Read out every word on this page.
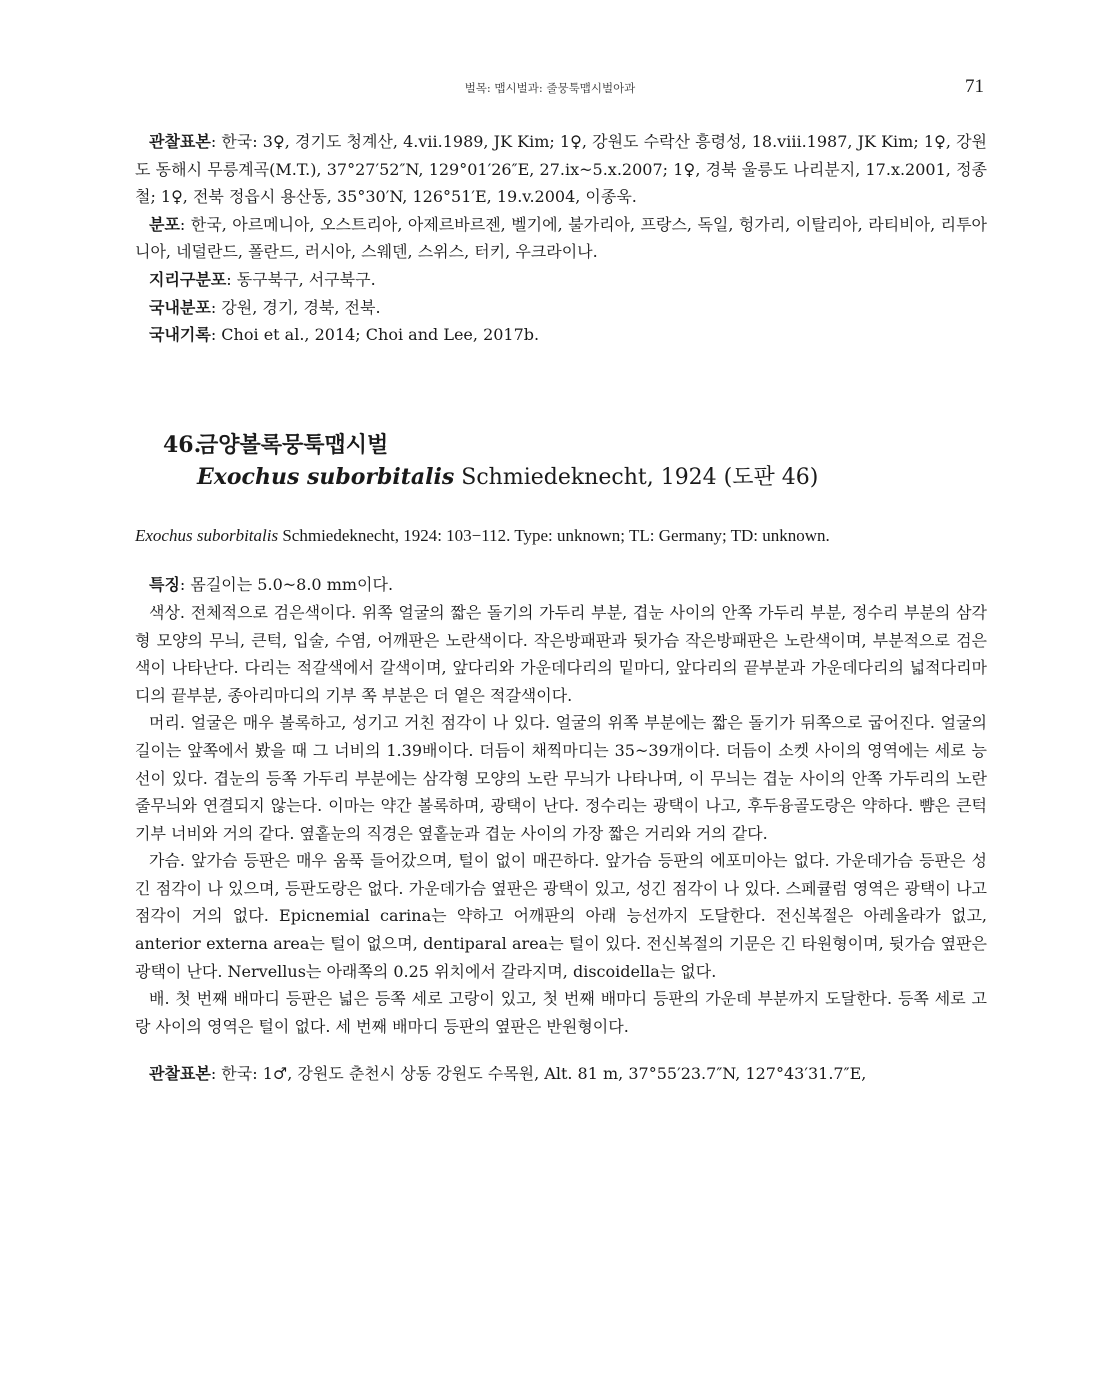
벌목: 맵시벌과: 줄뭉툭맵시벌아과	71

관찰표본: 한국: 3♀, 경기도 청계산, 4.vii.1989, JK Kim; 1♀, 강원도 수락산 흥령성, 18.viii.1987, JK Kim; 1♀, 강원도 동해시 무릉계곡(M.T.), 37°27′52″N, 129°01′26″E, 27.ix~5.x.2007; 1♀, 경북 울릉도 나리분지, 17.x.2001, 정종철; 1♀, 전북 정읍시 용산동, 35°30′N, 126°51′E, 19.v.2004, 이종욱.

분포: 한국, 아르메니아, 오스트리아, 아제르바르젠, 벨기에, 불가리아, 프랑스, 독일, 헝가리, 이탈리아, 라티비아, 리투아니아, 네덜란드, 폴란드, 러시아, 스웨덴, 스위스, 터키, 우크라이나.

지리구분포: 동구북구, 서구북구.

국내분포: 강원, 경기, 경북, 전북.

국내기록: Choi et al., 2014; Choi and Lee, 2017b.

46.금양볼록뭉툭맵시벌
Exochus suborbitalis Schmiedeknecht, 1924 (도판 46)

Exochus suborbitalis Schmiedeknecht, 1924: 103−112. Type: unknown; TL: Germany; TD: unknown.

특징: 몸길이는 5.0~8.0 mm이다.

색상. 전체적으로 검은색이다. 위쪽 얼굴의 짧은 돌기의 가두리 부분, 겹눈 사이의 안쪽 가두리 부분, 정수리 부분의 삼각형 모양의 무늬, 큰턱, 입술, 수염, 어깨판은 노란색이다. 작은방패판과 뒷가슴 작은방패판은 노란색이며, 부분적으로 검은색이 나타난다. 다리는 적갈색에서 갈색이며, 앞다리와 가운데다리의 밑마디, 앞다리의 끝부분과 가운데다리의 넓적다리마디의 끝부분, 종아리마디의 기부 쪽 부분은 더 옅은 적갈색이다.

머리. 얼굴은 매우 볼록하고, 성기고 거친 점각이 나 있다. 얼굴의 위쪽 부분에는 짧은 돌기가 뒤쪽으로 굽어진다. 얼굴의 길이는 앞쪽에서 봤을 때 그 너비의 1.39배이다. 더듬이 채찍마디는 35~39개이다. 더듬이 소켓 사이의 영역에는 세로 능선이 있다. 겹눈의 등쪽 가두리 부분에는 삼각형 모양의 노란 무늬가 나타나며, 이 무늬는 겹눈 사이의 안쪽 가두리의 노란 줄무늬와 연결되지 않는다. 이마는 약간 볼록하며, 광택이 난다. 정수리는 광택이 나고, 후두융골도랑은 약하다. 뺨은 큰턱 기부 너비와 거의 같다. 옆홑눈의 직경은 옆홑눈과 겹눈 사이의 가장 짧은 거리와 거의 같다.

가슴. 앞가슴 등판은 매우 움푹 들어갔으며, 털이 없이 매끈하다. 앞가슴 등판의 에포미아는 없다. 가운데가슴 등판은 성긴 점각이 나 있으며, 등판도랑은 없다. 가운데가슴 옆판은 광택이 있고, 성긴 점각이 나 있다. 스페큘럼 영역은 광택이 나고 점각이 거의 없다. Epicnemial carina는 약하고 어깨판의 아래 능선까지 도달한다. 전신복절은 아레올라가 없고, anterior externa area는 털이 없으며, dentiparal area는 털이 있다. 전신복절의 기문은 긴 타원형이며, 뒷가슴 옆판은 광택이 난다. Nervellus는 아래쪽의 0.25 위치에서 갈라지며, discoidella는 없다.

배. 첫 번째 배마디 등판은 넓은 등쪽 세로 고랑이 있고, 첫 번째 배마디 등판의 가운데 부분까지 도달한다. 등쪽 세로 고랑 사이의 영역은 털이 없다. 세 번째 배마디 등판의 옆판은 반원형이다.

관찰표본: 한국: 1♂, 강원도 춘천시 상동 강원도 수목원, Alt. 81 m, 37°55′23.7″N, 127°43′31.7″E,
